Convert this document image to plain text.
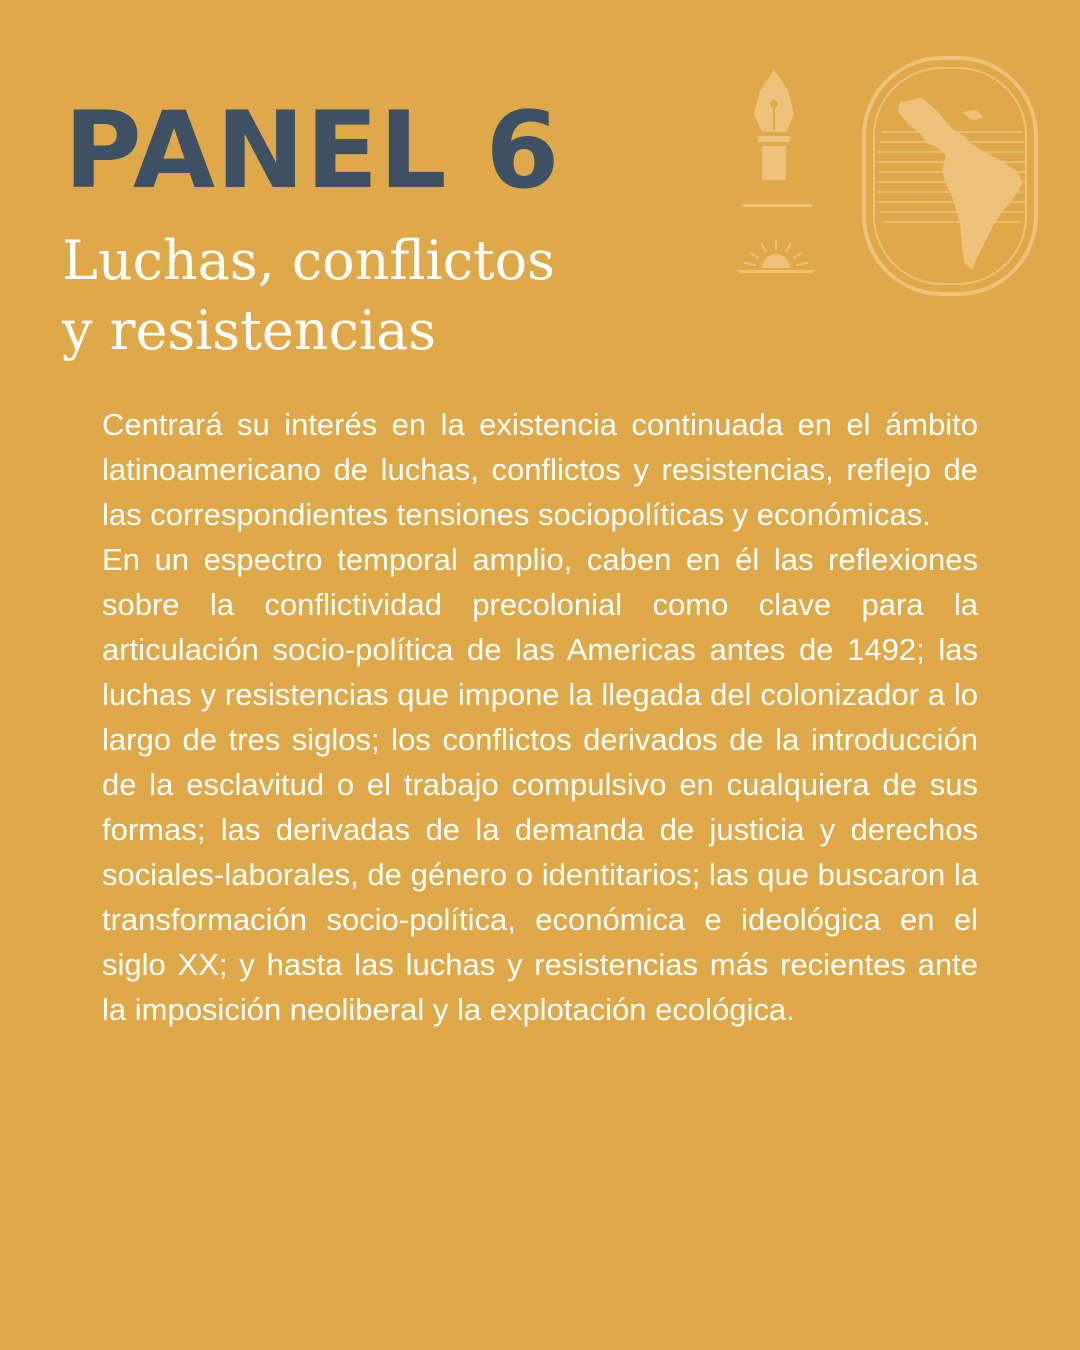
PANEL 6
Luchas, conflictos
y resistencias

Centrará su interés en la existencia continuada en el ámbito latinoamericano de luchas, conflictos y resistencias, reflejo de las correspondientes tensiones sociopolíticas y económicas.

En un espectro temporal amplio, caben en él las reflexiones sobre la conflictividad precolonial como clave para la articulación socio-política de las Americas antes de 1492; las luchas y resistencias que impone la llegada del colonizador a lo largo de tres siglos; los conflictos derivados de la introducción de la esclavitud o el trabajo compulsivo en cualquiera de sus formas; las derivadas de la demanda de justicia y derechos sociales-laborales, de género o identitarios; las que buscaron la transformación socio-política, económica e ideológica en el siglo XX; y hasta las luchas y resistencias más recientes ante la imposición neoliberal y la explotación ecológica.
